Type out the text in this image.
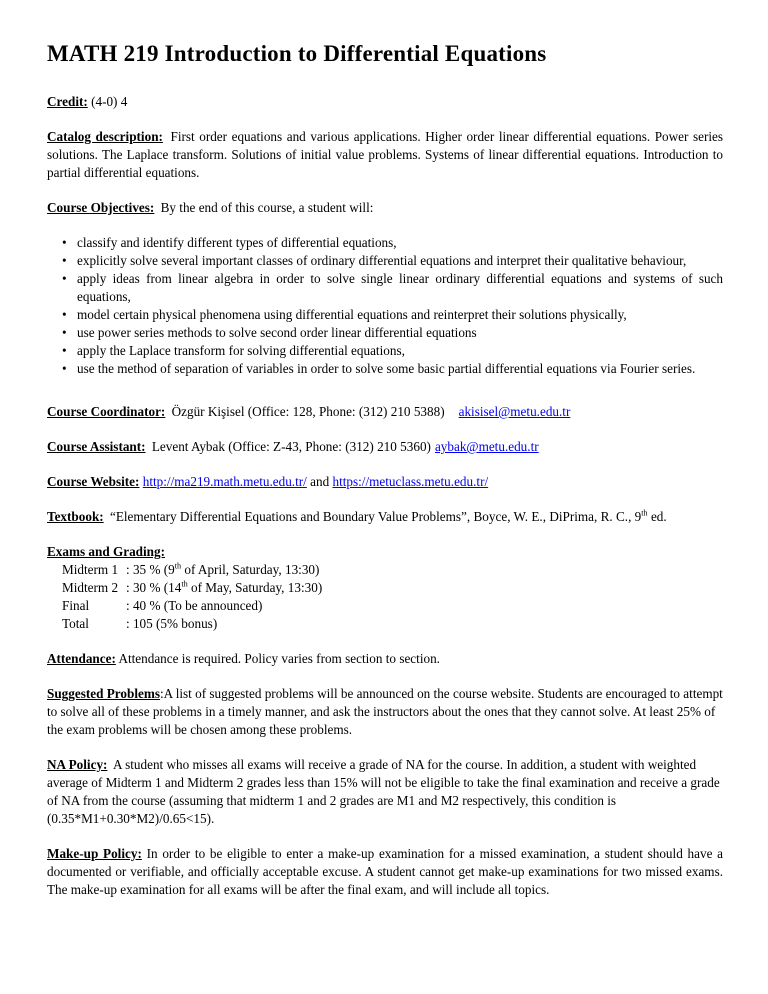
MATH 219 Introduction to Differential Equations

Credit: (4-0) 4

Catalog description: First order equations and various applications. Higher order linear differential equations. Power series solutions. The Laplace transform. Solutions of initial value problems. Systems of linear differential equations. Introduction to partial differential equations.

Course Objectives: By the end of this course, a student will:

• classify and identify different types of differential equations,
• explicitly solve several important classes of ordinary differential equations and interpret their qualitative behaviour,
• apply ideas from linear algebra in order to solve single linear ordinary differential equations and systems of such equations,
• model certain physical phenomena using differential equations and reinterpret their solutions physically,
• use power series methods to solve second order linear differential equations
• apply the Laplace transform for solving differential equations,
• use the method of separation of variables in order to solve some basic partial differential equations via Fourier series.

Course Coordinator: Özgür Kişisel (Office: 128, Phone: (312) 210 5388) akisisel@metu.edu.tr

Course Assistant: Levent Aybak (Office: Z-43, Phone: (312) 210 5360) aybak@metu.edu.tr

Course Website: http://ma219.math.metu.edu.tr/ and https://metuclass.metu.edu.tr/

Textbook: “Elementary Differential Equations and Boundary Value Problems”, Boyce, W. E., DiPrima, R. C., 9th ed.

Exams and Grading:
Midterm 1 : 35 % (9th of April, Saturday, 13:30)
Midterm 2 : 30 % (14th of May, Saturday, 13:30)
Final	: 40 % (To be announced)
Total	: 105 (5% bonus)

Attendance: Attendance is required. Policy varies from section to section.

Suggested Problems:A list of suggested problems will be announced on the course website. Students are encouraged to attempt to solve all of these problems in a timely manner, and ask the instructors about the ones that they cannot solve. At least 25% of the exam problems will be chosen among these problems.

NA Policy: A student who misses all exams will receive a grade of NA for the course. In addition, a student with weighted average of Midterm 1 and Midterm 2 grades less than 15% will not be eligible to take the final examination and receive a grade of NA from the course (assuming that midterm 1 and 2 grades are M1 and M2 respectively, this condition is (0.35*M1+0.30*M2)/0.65<15).

Make-up Policy: In order to be eligible to enter a make-up examination for a missed examination, a student should have a documented or verifiable, and officially acceptable excuse. A student cannot get make-up examinations for two missed exams. The make-up examination for all exams will be after the final exam, and will include all topics.
